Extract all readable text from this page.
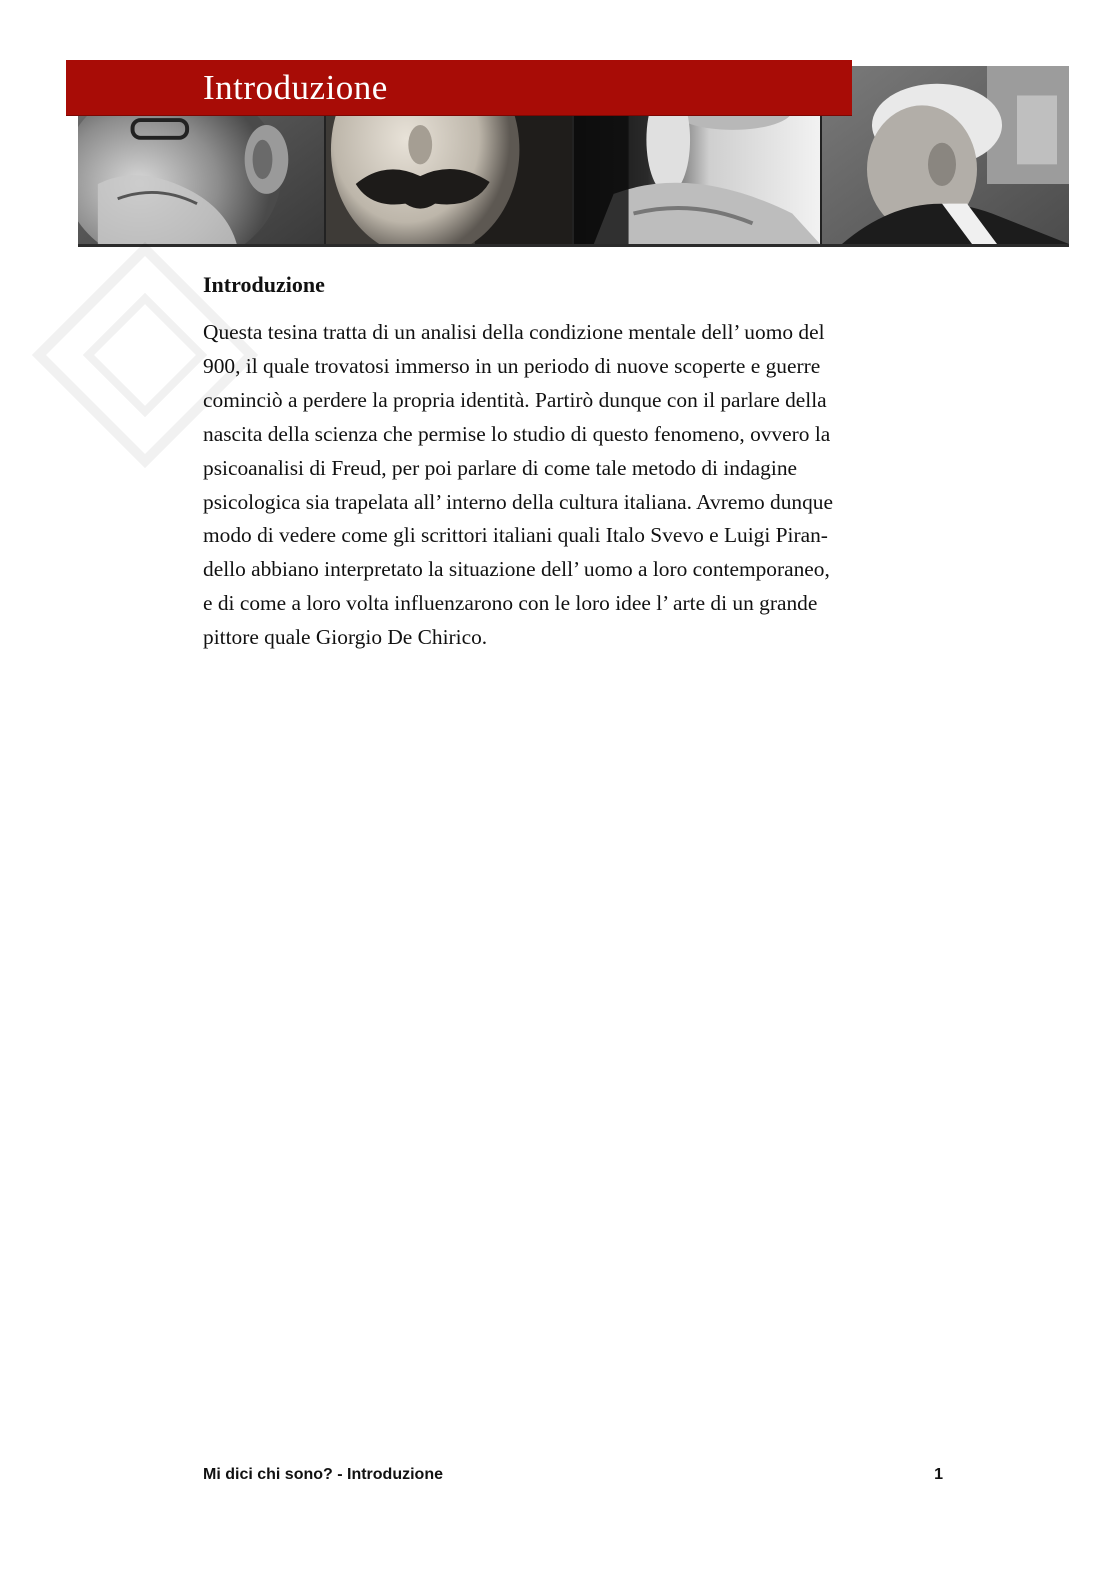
Introduzione
Introduzione

Questa tesina tratta di un analisi della condizione mentale dell’ uomo del
900, il quale trovatosi immerso in un periodo di nuove scoperte e guerre
cominciò a perdere la propria identità. Partirò dunque con il parlare della
nascita della scienza che permise lo studio di questo fenomeno, ovvero la
psicoanalisi di Freud, per poi parlare di come tale metodo di indagine
psicologica sia trapelata all’ interno della cultura italiana. Avremo dunque
modo di vedere come gli scrittori italiani quali Italo Svevo e Luigi Piran-
dello abbiano interpretato la situazione dell’ uomo a loro contemporaneo,
e di come a loro volta influenzarono con le loro idee l’ arte di un grande
pittore quale Giorgio De Chirico.

Mi dici chi sono? - Introduzione	1
